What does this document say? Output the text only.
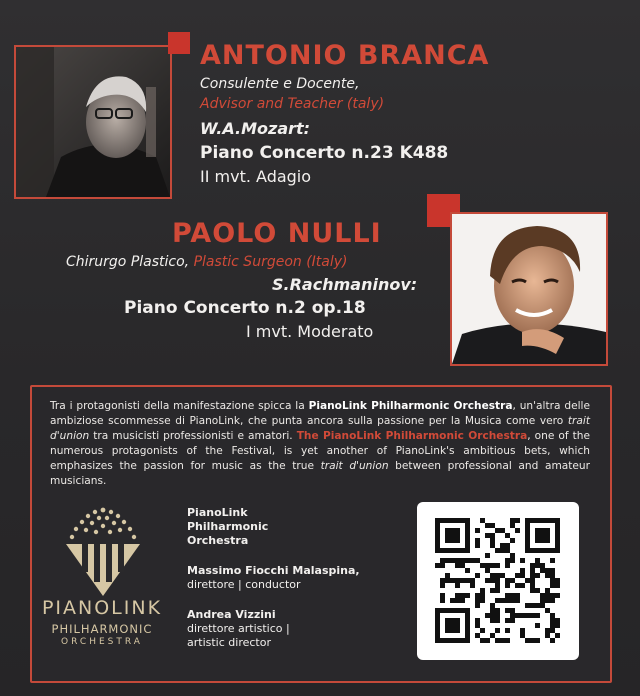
ANTONIO BRANCA
Consulente e Docente,
Advisor and Teacher (taly)
W.A.Mozart:
Piano Concerto n.23 K488
II mvt. Adagio
PAOLO NULLI
Chirurgo Plastico, Plastic Surgeon (Italy)
S.Rachmaninov:
Piano Concerto n.2 op.18
I mvt. Moderato
Tra i protagonisti della manifestazione spicca la PianoLink Philharmonic Orchestra, un'altra delle ambiziose scommesse di PianoLink, che punta ancora sulla passione per la Musica come vero trait d'union tra musicisti professionisti e amatori. The PianoLink Philharmonic Orchestra, one of the numerous protagonists of the Festival, is yet another of PianoLink's ambitious bets, which emphasizes the passion for music as the true trait d'union between professional and amateur musicians.
PIANOLINK
PHILHARMONIC
ORCHESTRA
PianoLink
Philharmonic
Orchestra
Massimo Fiocchi Malaspina,
direttore | conductor
Andrea Vizzini
direttore artistico |
artistic director
